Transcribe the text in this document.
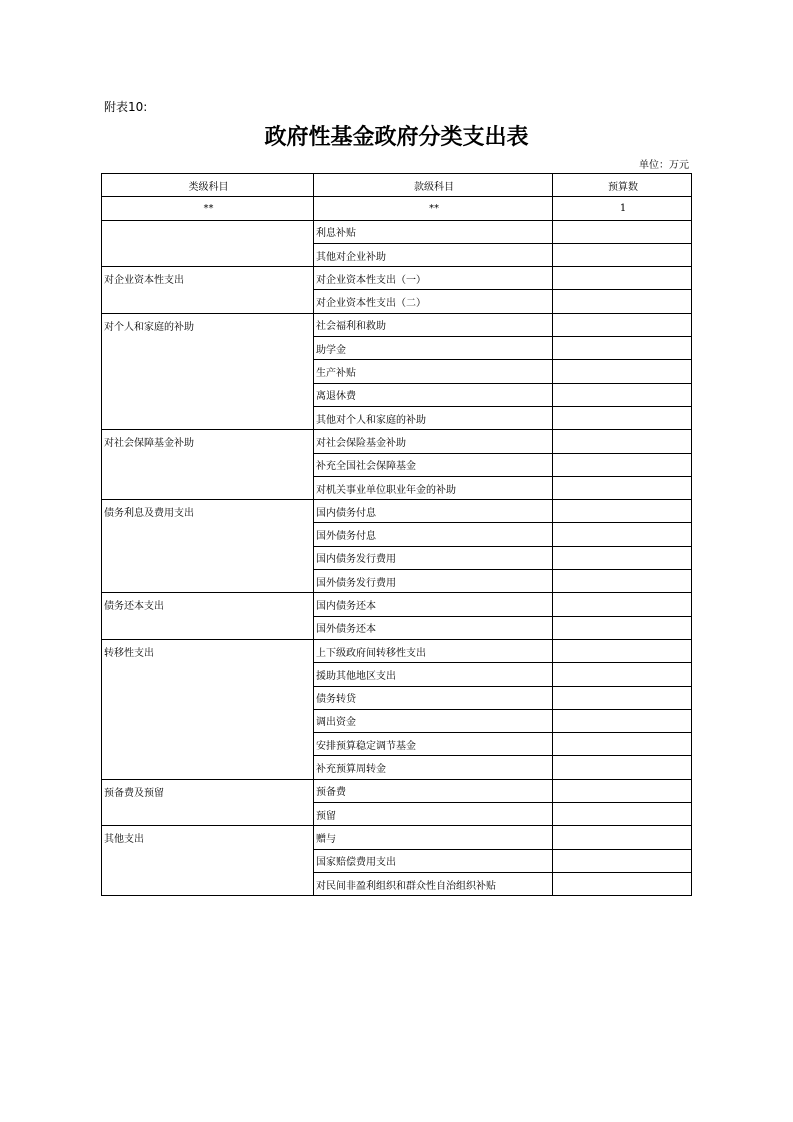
附表10:
政府性基金政府分类支出表
单位：万元
类级科目	款级科目	预算数
**	**	1
	利息补贴	
	其他对企业补助	
对企业资本性支出	对企业资本性支出（一）	
	对企业资本性支出（二）	
对个人和家庭的补助	社会福利和救助	
	助学金	
	生产补贴	
	离退休费	
	其他对个人和家庭的补助	
对社会保障基金补助	对社会保险基金补助	
	补充全国社会保障基金	
	对机关事业单位职业年金的补助	
债务利息及费用支出	国内债务付息	
	国外债务付息	
	国内债务发行费用	
	国外债务发行费用	
债务还本支出	国内债务还本	
	国外债务还本	
转移性支出	上下级政府间转移性支出	
	援助其他地区支出	
	债务转贷	
	调出资金	
	安排预算稳定调节基金	
	补充预算周转金	
预备费及预留	预备费	
	预留	
其他支出	赠与	
	国家赔偿费用支出	
	对民间非盈利组织和群众性自治组织补贴	
